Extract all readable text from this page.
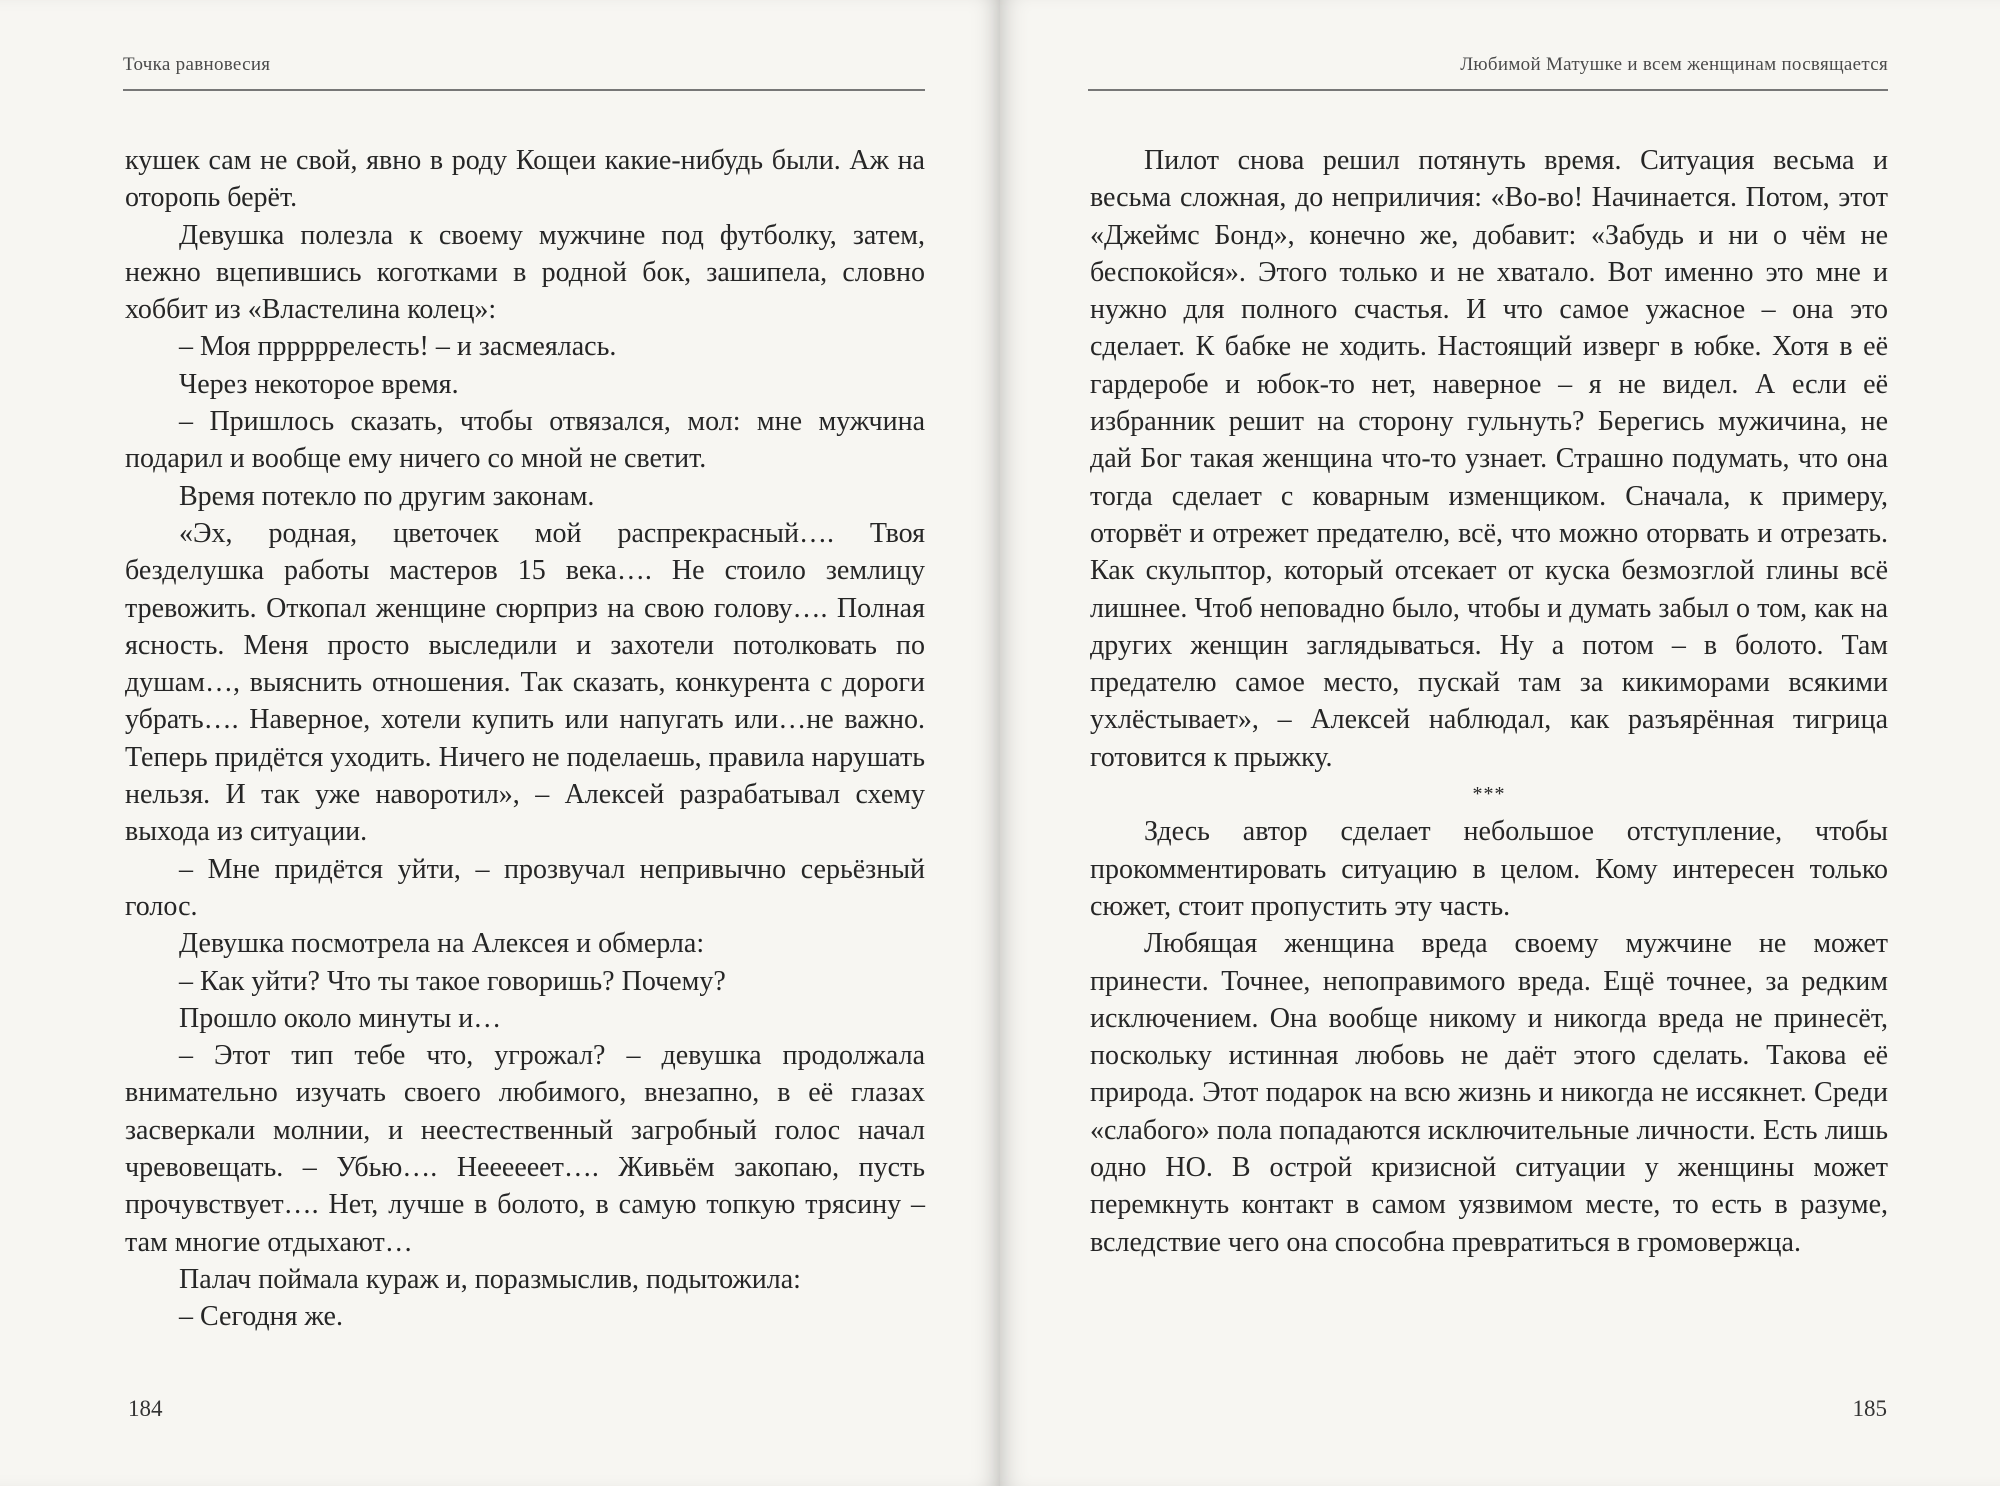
Точка равновесия

кушек сам не свой, явно в роду Кощеи какие-нибудь были. Аж на оторопь берёт.

Девушка полезла к своему мужчине под футболку, затем, нежно вцепившись коготками в родной бок, зашипела, словно хоббит из «Властелина колец»:

– Моя прррррелесть! – и засмеялась.

Через некоторое время.

– Пришлось сказать, чтобы отвязался, мол: мне мужчина подарил и вообще ему ничего со мной не светит.

Время потекло по другим законам.

«Эх, родная, цветочек мой распрекрасный…. Твоя безделушка работы мастеров 15 века…. Не стоило землицу тревожить. Откопал женщине сюрприз на свою голову…. Полная ясность. Меня просто выследили и захотели потолковать по душам…, выяснить отношения. Так сказать, конкурента с дороги убрать…. Наверное, хотели купить или напугать или…не важно. Теперь придётся уходить. Ничего не поделаешь, правила нарушать нельзя. И так уже наворотил», – Алексей разрабатывал схему выхода из ситуации.

– Мне придётся уйти, – прозвучал непривычно серьёзный голос.

Девушка посмотрела на Алексея и обмерла:

– Как уйти? Что ты такое говоришь? Почему?

Прошло около минуты и…

– Этот тип тебе что, угрожал? – девушка продолжала внимательно изучать своего любимого, внезапно, в её глазах засверкали молнии, и неестественный загробный голос начал чревовещать. – Убью…. Неееееет…. Живьём закопаю, пусть прочувствует…. Нет, лучше в болото, в самую топкую трясину – там многие отдыхают…

Палач поймала кураж и, поразмыслив, подытожила:

– Сегодня же.

184
Любимой Матушке и всем женщинам посвящается

Пилот снова решил потянуть время. Ситуация весьма и весьма сложная, до неприличия: «Во-во! Начинается. Потом, этот «Джеймс Бонд», конечно же, добавит: «Забудь и ни о чём не беспокойся». Этого только и не хватало. Вот именно это мне и нужно для полного счастья. И что самое ужасное – она это сделает. К бабке не ходить. Настоящий изверг в юбке. Хотя в её гардеробе и юбок-то нет, наверное – я не видел. А если её избранник решит на сторону гульнуть? Берегись мужичина, не дай Бог такая женщина что-то узнает. Страшно подумать, что она тогда сделает с коварным изменщиком. Сначала, к примеру, оторвёт и отрежет предателю, всё, что можно оторвать и отрезать. Как скульптор, который отсекает от куска безмозглой глины всё лишнее. Чтоб неповадно было, чтобы и думать забыл о том, как на других женщин заглядываться. Ну а потом – в болото. Там предателю самое место, пускай там за кикиморами всякими ухлёстывает», – Алексей наблюдал, как разъярённая тигрица готовится к прыжку.

***

Здесь автор сделает небольшое отступление, чтобы прокомментировать ситуацию в целом. Кому интересен только сюжет, стоит пропустить эту часть.

Любящая женщина вреда своему мужчине не может принести. Точнее, непоправимого вреда. Ещё точнее, за редким исключением. Она вообще никому и никогда вреда не принесёт, поскольку истинная любовь не даёт этого сделать. Такова её природа. Этот подарок на всю жизнь и никогда не иссякнет. Среди «слабого» пола попадаются исключительные личности. Есть лишь одно НО. В острой кризисной ситуации у женщины может перемкнуть контакт в самом уязвимом месте, то есть в разуме, вследствие чего она способна превратиться в громовержца.

185
